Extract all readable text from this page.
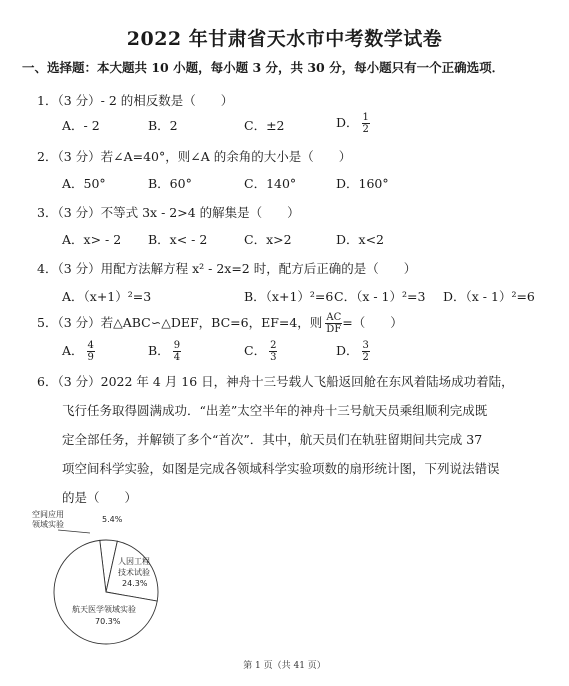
2022 年甘肃省天水市中考数学试卷
一、选择题：本大题共 10 小题，每小题 3 分，共 30 分，每小题只有一个正确选项．
1．（3 分）- 2 的相反数是（　　）
A．- 2	B．2	C．±2	D． $\frac{1}{2}$
2．（3 分）若∠A=40°，则∠A 的余角的大小是（　　）
A．50°	B．60°	C．140°	D．160°
3．（3 分）不等式 3x - 2>4 的解集是（　　）
A．x> - 2 B．x< - 2	C．x>2	D．x<2
4．（3 分）用配方法解方程 x² - 2x=2 时，配方后正确的是（　　）
A．（x+1）²=3	B．（x+1）²=6 C．（x - 1）²=3 D．（x - 1）²=6
5．（3 分）若△ABC∽△DEF，BC=6，EF=4，则 $\frac{AC}{DF}$ =（　　）
A． $\frac{4}{9}$	B． $\frac{9}{4}$	C． $\frac{2}{3}$	D． $\frac{3}{2}$
6．（3 分）2022 年 4 月 16 日，神舟十三号载人飞船返回舱在东风着陆场成功着陆，
飞行任务取得圆满成功．“出差”太空半年的神舟十三号航天员乘组顺利完成既
定全部任务，并解锁了多个“首次”．其中，航天员们在轨驻留期间共完成 37
项空间科学实验，如图是完成各领域科学实验项数的扇形统计图，下列说法错误
的是（　　）
空间应用
领域实验
5.4%
人因工程
技术试验
24.3%
航天医学领域实验
70.3%
第 1 页（共 41 页）
